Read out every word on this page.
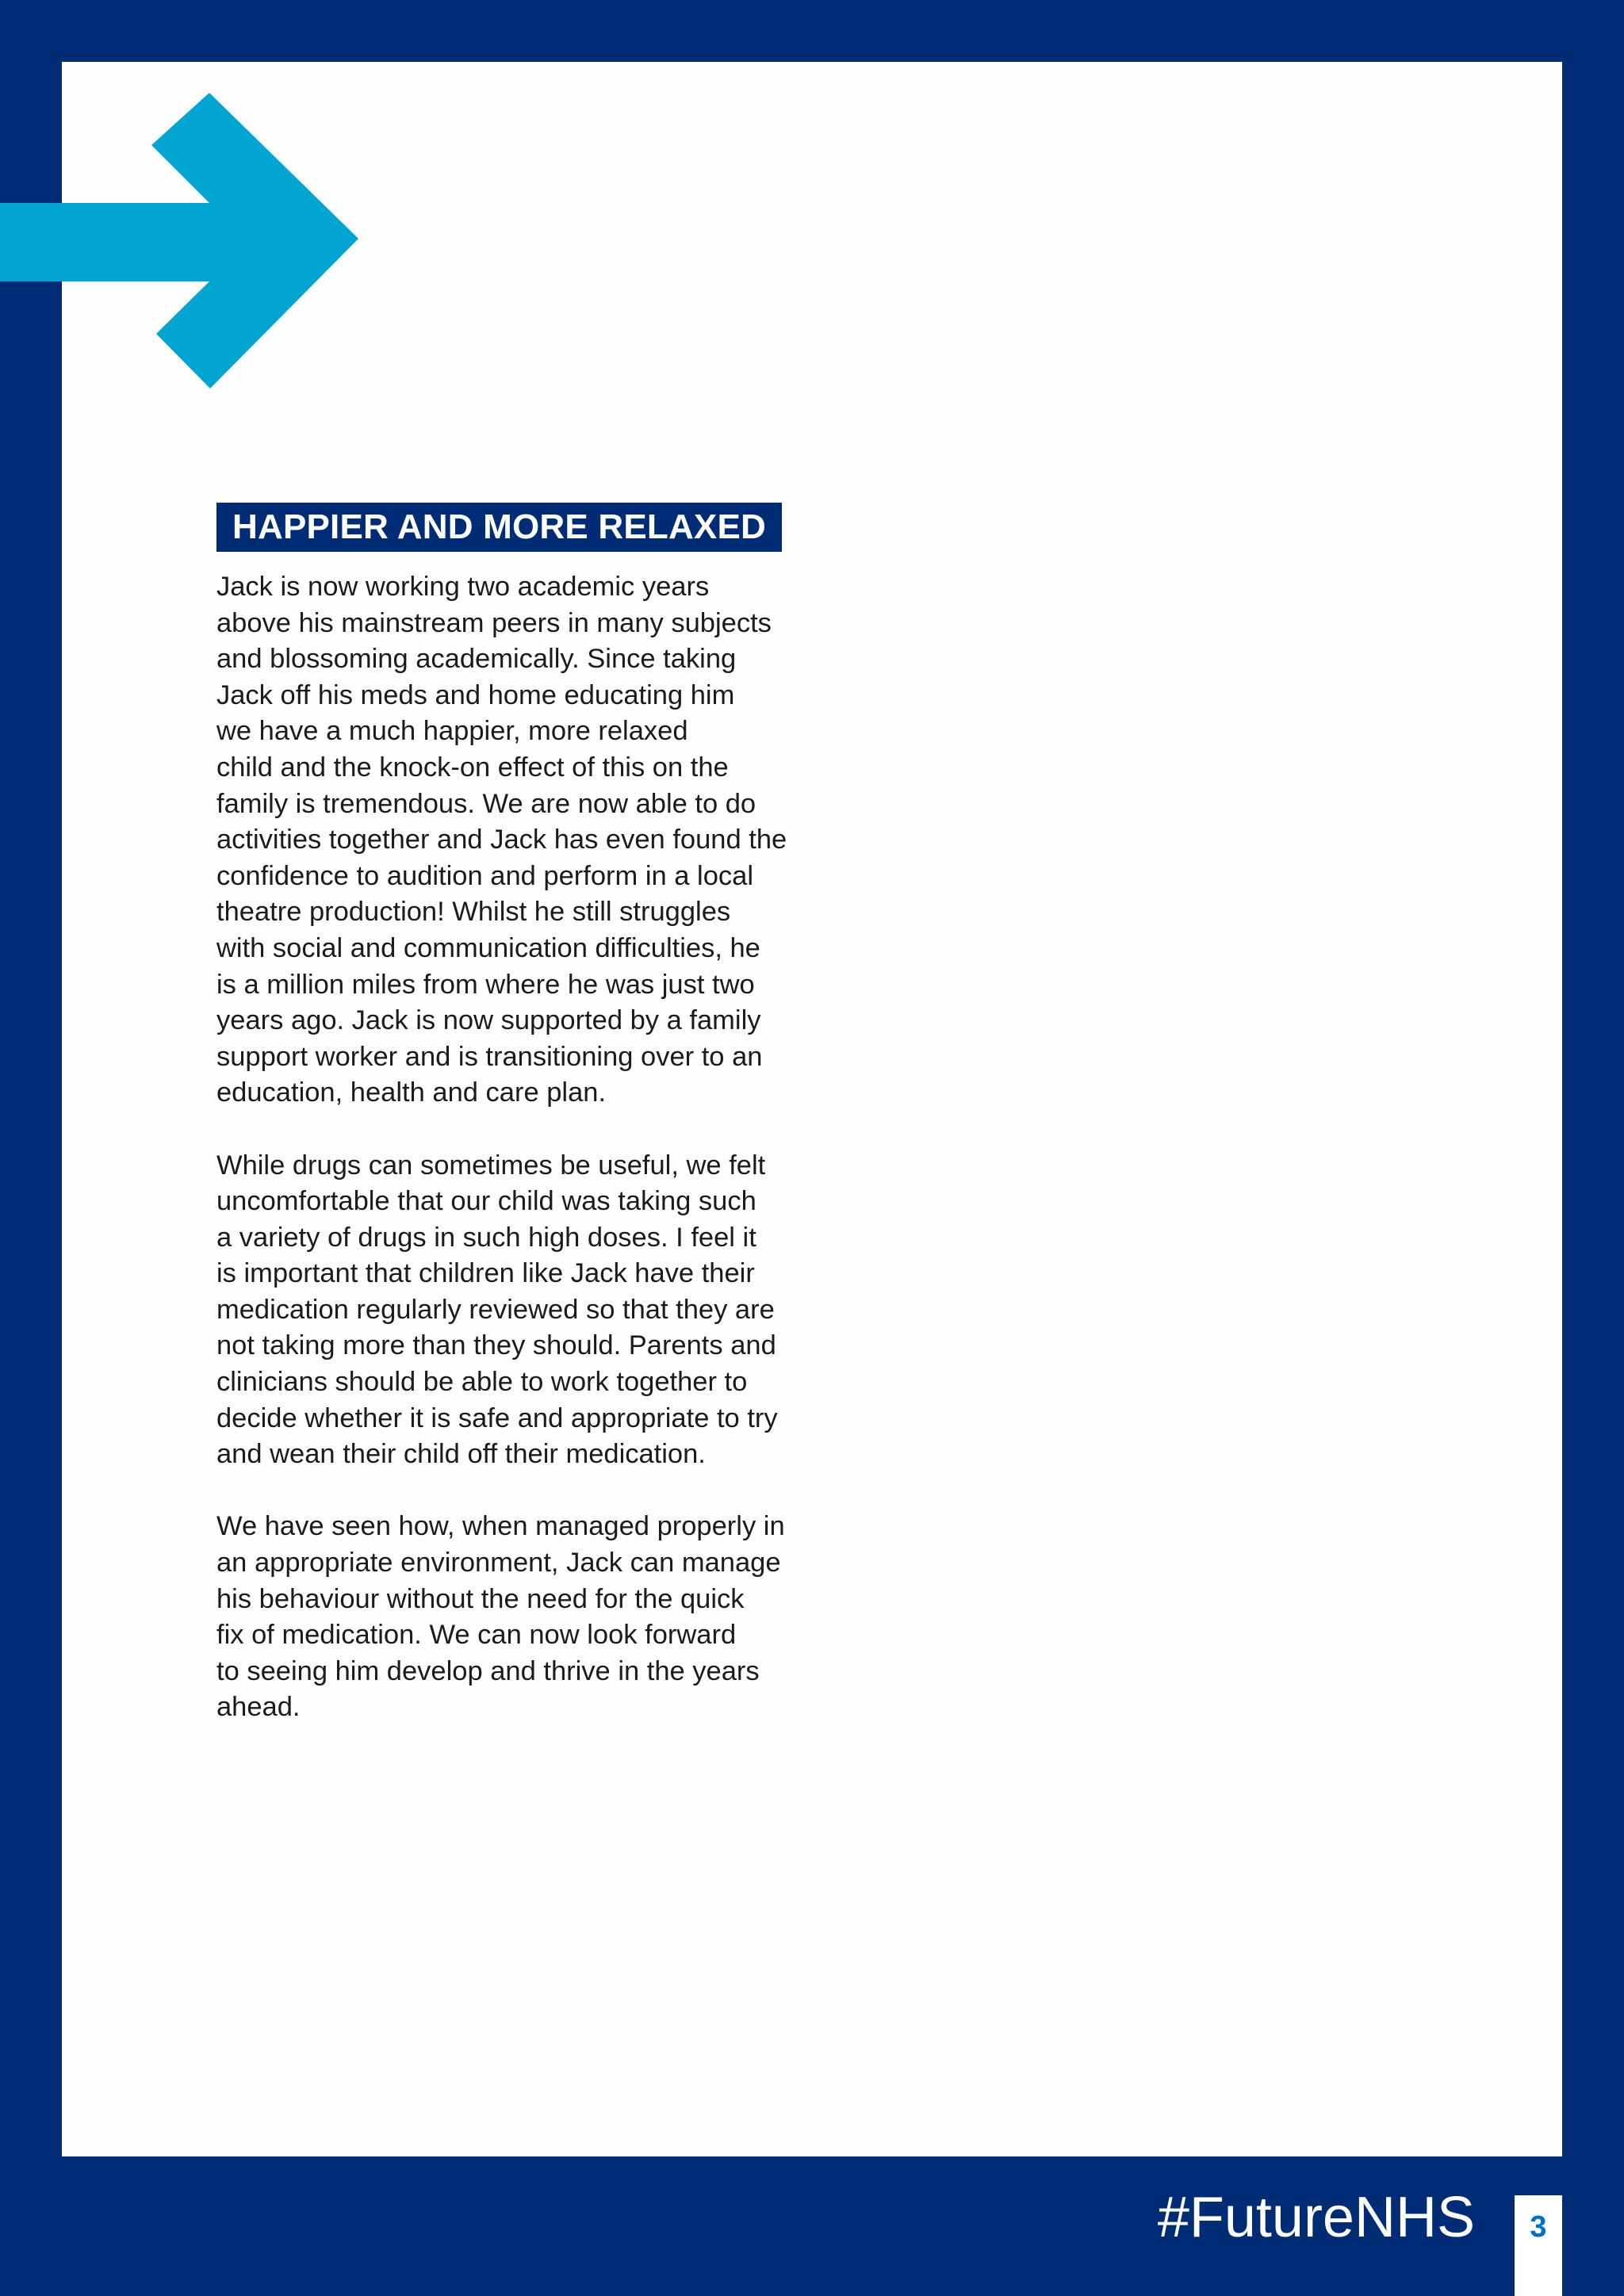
HAPPIER AND MORE RELAXED

Jack is now working two academic years
above his mainstream peers in many subjects
and blossoming academically. Since taking
Jack off his meds and home educating him
we have a much happier, more relaxed
child and the knock-on effect of this on the
family is tremendous. We are now able to do
activities together and Jack has even found the
confidence to audition and perform in a local
theatre production! Whilst he still struggles
with social and communication difficulties, he
is a million miles from where he was just two
years ago. Jack is now supported by a family
support worker and is transitioning over to an
education, health and care plan.

While drugs can sometimes be useful, we felt
uncomfortable that our child was taking such
a variety of drugs in such high doses. I feel it
is important that children like Jack have their
medication regularly reviewed so that they are
not taking more than they should. Parents and
clinicians should be able to work together to
decide whether it is safe and appropriate to try
and wean their child off their medication.

We have seen how, when managed properly in
an appropriate environment, Jack can manage
his behaviour without the need for the quick
fix of medication. We can now look forward
to seeing him develop and thrive in the years
ahead.

#FutureNHS	3
